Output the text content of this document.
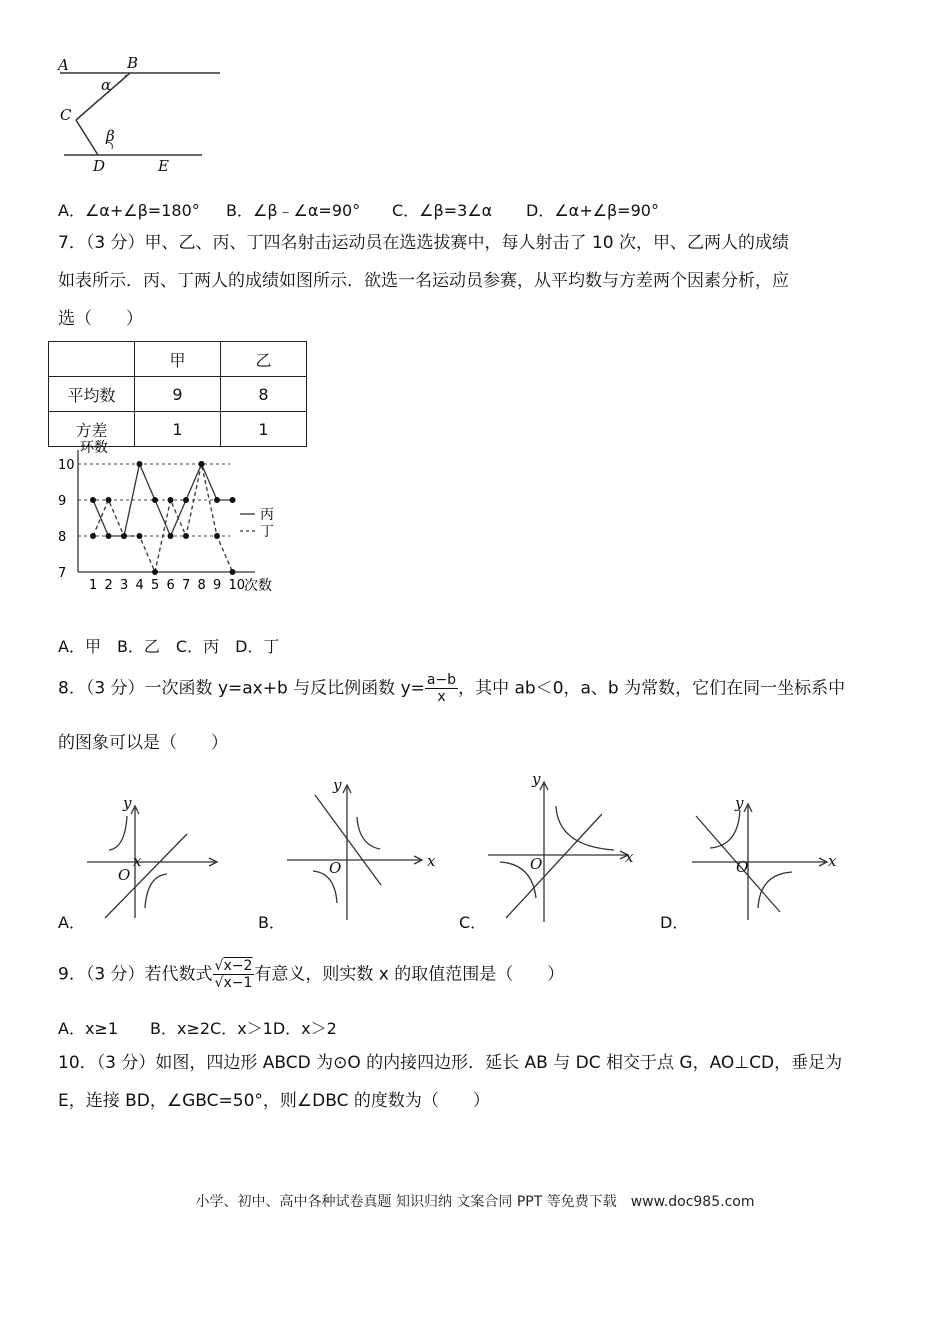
A	B
C
D	E
α
β
A．∠α+∠β=180° B．∠β﹣∠α=90° C．∠β=3∠α D．∠α+∠β=90°
7．（3 分）甲、乙、丙、丁四名射击运动员在选选拔赛中，每人射击了 10 次，甲、乙两人的成绩
如表所示．丙、丁两人的成绩如图所示．欲选一名运动员参赛，从平均数与方差两个因素分析，应
选（　　）
	甲	乙
平均数	9	8
方差	1	1
7
8
9
10
1 2 3 4 5 6 7 8 9 10
环数
次数
丙
丁
A．甲　B．乙　C．丙　D．丁
8．（3 分）一次函数 y=ax+b 与反比例函数 $y= \frac{a-b}{x}$ ，其中 ab＜0，a、b 为常数，它们在同一坐标系中
的图象可以是（　　）
x
y
O
x
y
O
x
y
O	x
y
O
A．	B．	C．	D．
9．（3 分）若代数式 $\frac{√x-2}{√x-1}$ 有意义，则实数 x 的取值范围是（　　）
A．x≥1　　B．x≥2C．x＞1D．x＞2
10．（3 分）如图，四边形 ABCD 为⊙O 的内接四边形．延长 AB 与 DC 相交于点 G，AO⊥CD，垂足为
E，连接 BD，∠GBC=50°，则∠DBC 的度数为（　　）
小学、初中、高中各种试卷真题 知识归纳 文案合同 PPT 等免费下载　www.doc985.com
